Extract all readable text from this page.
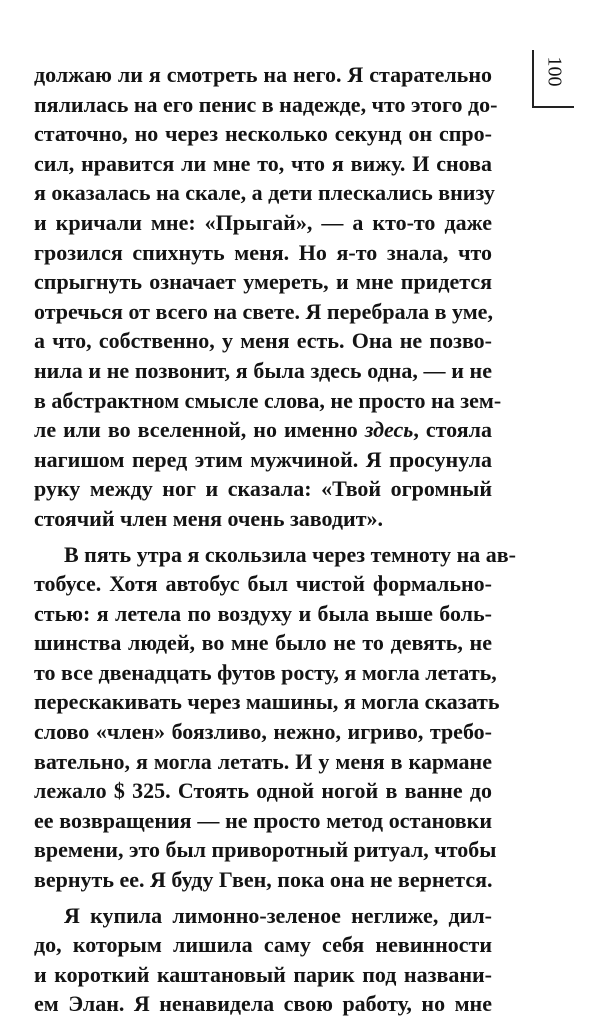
100
должаю ли я смотреть на него. Я старательно
пялилась на его пенис в надежде, что этого до-
статочно, но через несколько секунд он спро-
сил, нравится ли мне то, что я вижу. И снова
я оказалась на скале, а дети плескались внизу
и кричали мне: «Прыгай», — а кто-то даже
грозился спихнуть меня. Но я-то знала, что
спрыгнуть означает умереть, и мне придется
отречься от всего на свете. Я перебрала в уме,
а что, собственно, у меня есть. Она не позво-
нила и не позвонит, я была здесь одна, — и не
в абстрактном смысле слова, не просто на зем-
ле или во вселенной, но именно здесь, стояла
нагишом перед этим мужчиной. Я просунула
руку между ног и сказала: «Твой огромный
стоячий член меня очень заводит».
В пять утра я скользила через темноту на ав-
тобусе. Хотя автобус был чистой формально-
стью: я летела по воздуху и была выше боль-
шинства людей, во мне было не то девять, не
то все двенадцать футов росту, я могла летать,
перескакивать через машины, я могла сказать
слово «член» боязливо, нежно, игриво, требо-
вательно, я могла летать. И у меня в кармане
лежало $ 325. Стоять одной ногой в ванне до
ее возвращения — не просто метод остановки
времени, это был приворотный ритуал, чтобы
вернуть ее. Я буду Гвен, пока она не вернется.
Я купила лимонно-зеленое неглиже, дил-
до, которым лишила саму себя невинности
и короткий каштановый парик под названи-
ем Элан. Я ненавидела свою работу, но мне
